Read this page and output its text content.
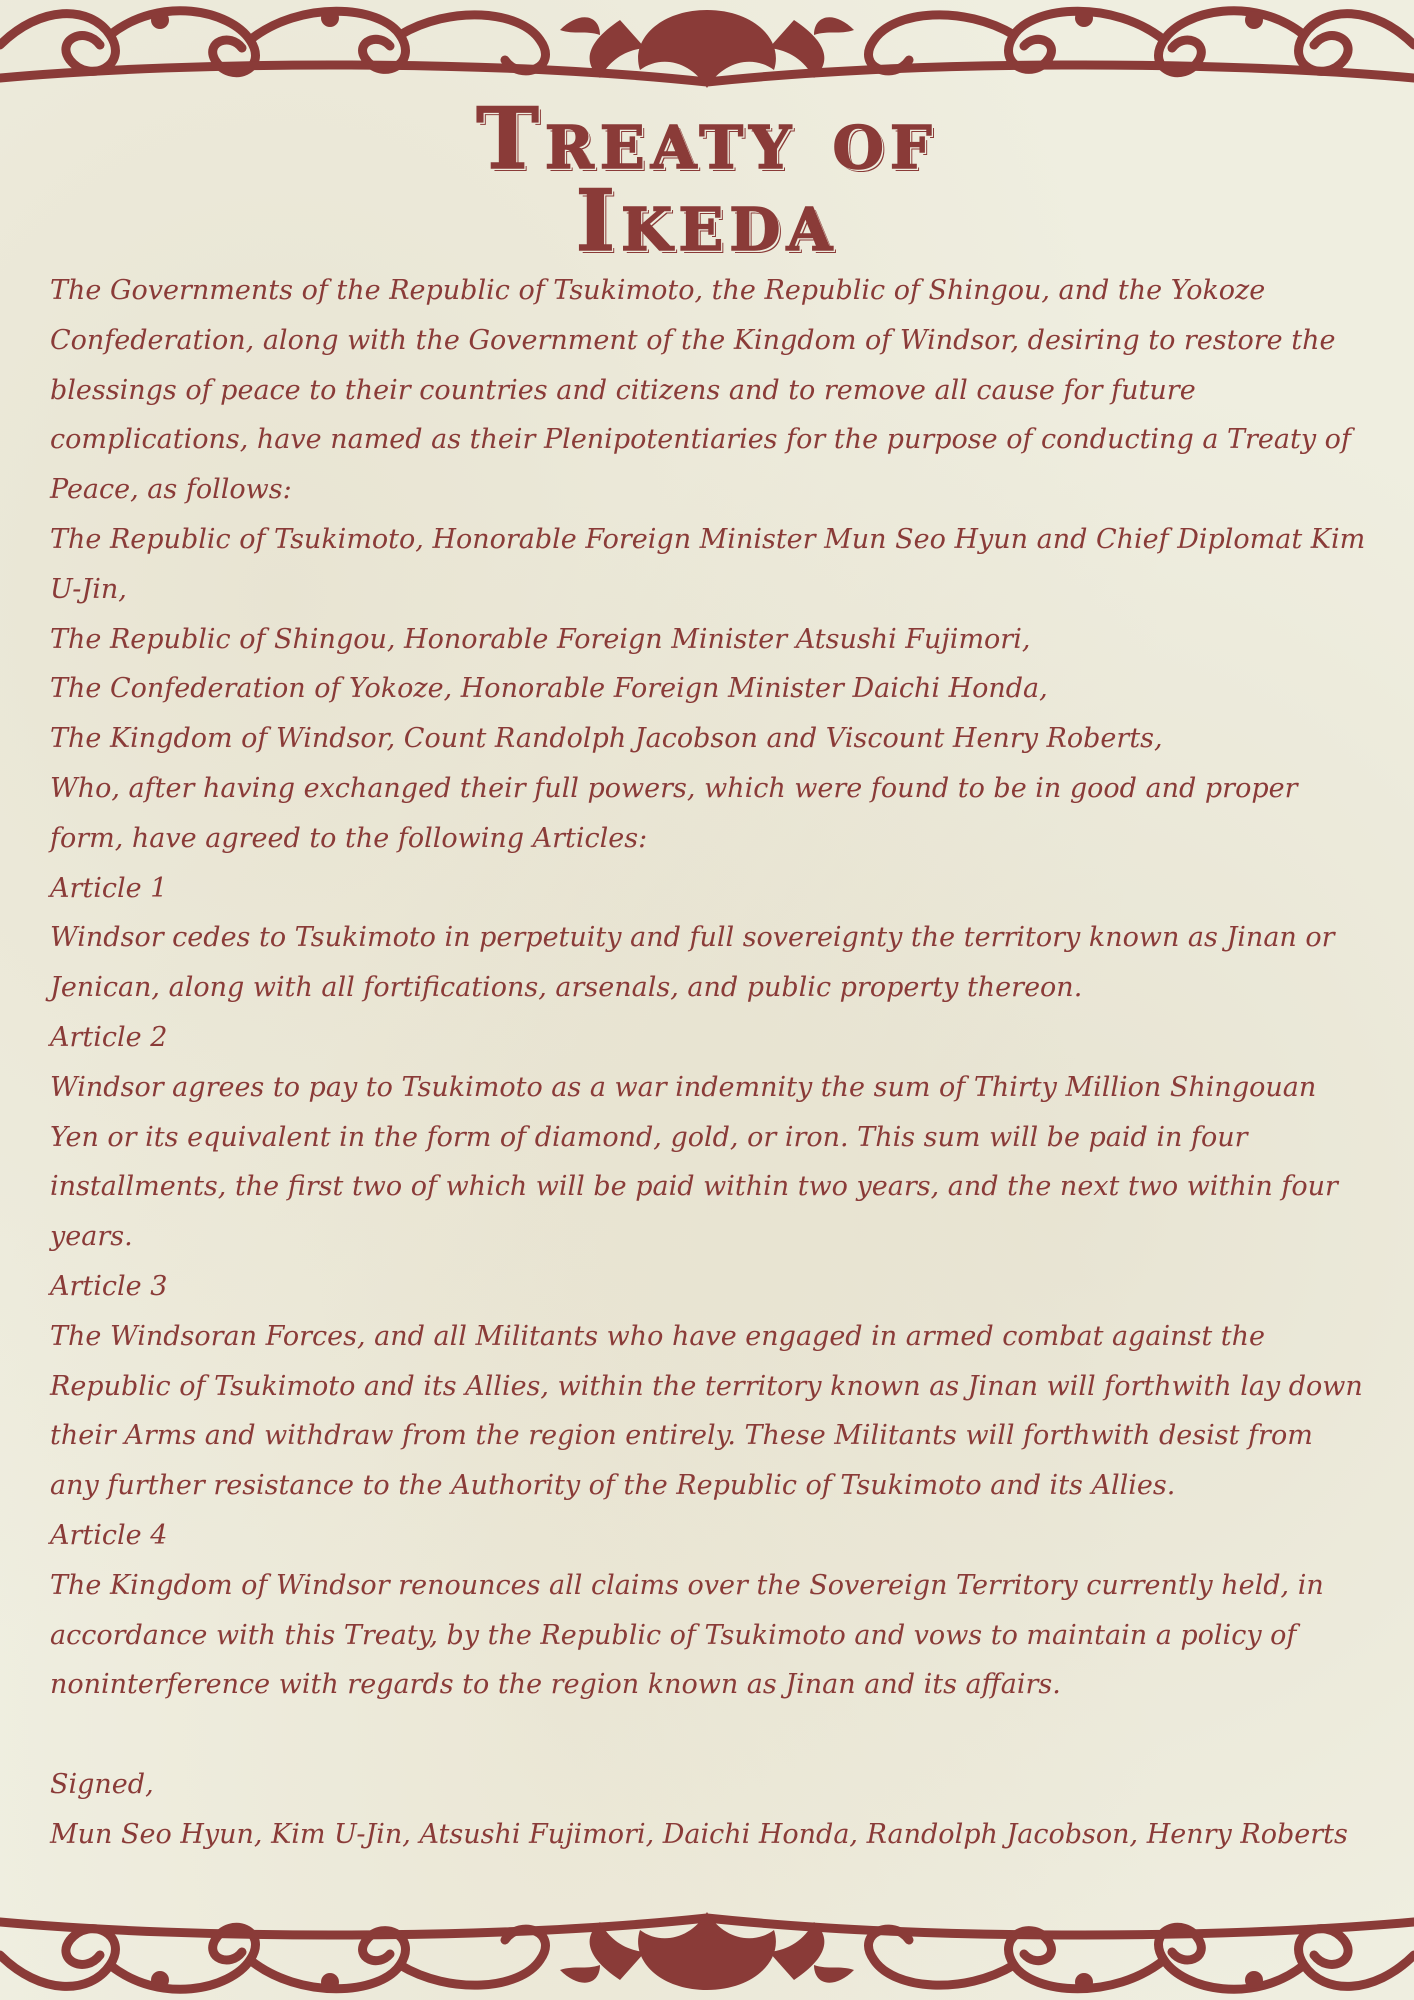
Treaty of
Ikeda

The Governments of the Republic of Tsukimoto, the Republic of Shingou, and the Yokoze Confederation, along with the Government of the Kingdom of Windsor, desiring to restore the blessings of peace to their countries and citizens and to remove all cause for future complications, have named as their Plenipotentiaries for the purpose of conducting a Treaty of Peace, as follows:

The Republic of Tsukimoto, Honorable Foreign Minister Mun Seo Hyun and Chief Diplomat Kim U-Jin,

The Republic of Shingou, Honorable Foreign Minister Atsushi Fujimori,

The Confederation of Yokoze, Honorable Foreign Minister Daichi Honda,

The Kingdom of Windsor, Count Randolph Jacobson and Viscount Henry Roberts,

Who, after having exchanged their full powers, which were found to be in good and proper form, have agreed to the following Articles:

Article 1

Windsor cedes to Tsukimoto in perpetuity and full sovereignty the territory known as Jinan or Jenican, along with all fortifications, arsenals, and public property thereon.

Article 2

Windsor agrees to pay to Tsukimoto as a war indemnity the sum of Thirty Million Shingouan Yen or its equivalent in the form of diamond, gold, or iron. This sum will be paid in four installments, the first two of which will be paid within two years, and the next two within four years.

Article 3

The Windsoran Forces, and all Militants who have engaged in armed combat against the Republic of Tsukimoto and its Allies, within the territory known as Jinan will forthwith lay down their Arms and withdraw from the region entirely. These Militants will forthwith desist from any further resistance to the Authority of the Republic of Tsukimoto and its Allies.

Article 4

The Kingdom of Windsor renounces all claims over the Sovereign Territory currently held, in accordance with this Treaty, by the Republic of Tsukimoto and vows to maintain a policy of noninterference with regards to the region known as Jinan and its affairs.

Signed,

Mun Seo Hyun, Kim U-Jin, Atsushi Fujimori, Daichi Honda, Randolph Jacobson, Henry Roberts
